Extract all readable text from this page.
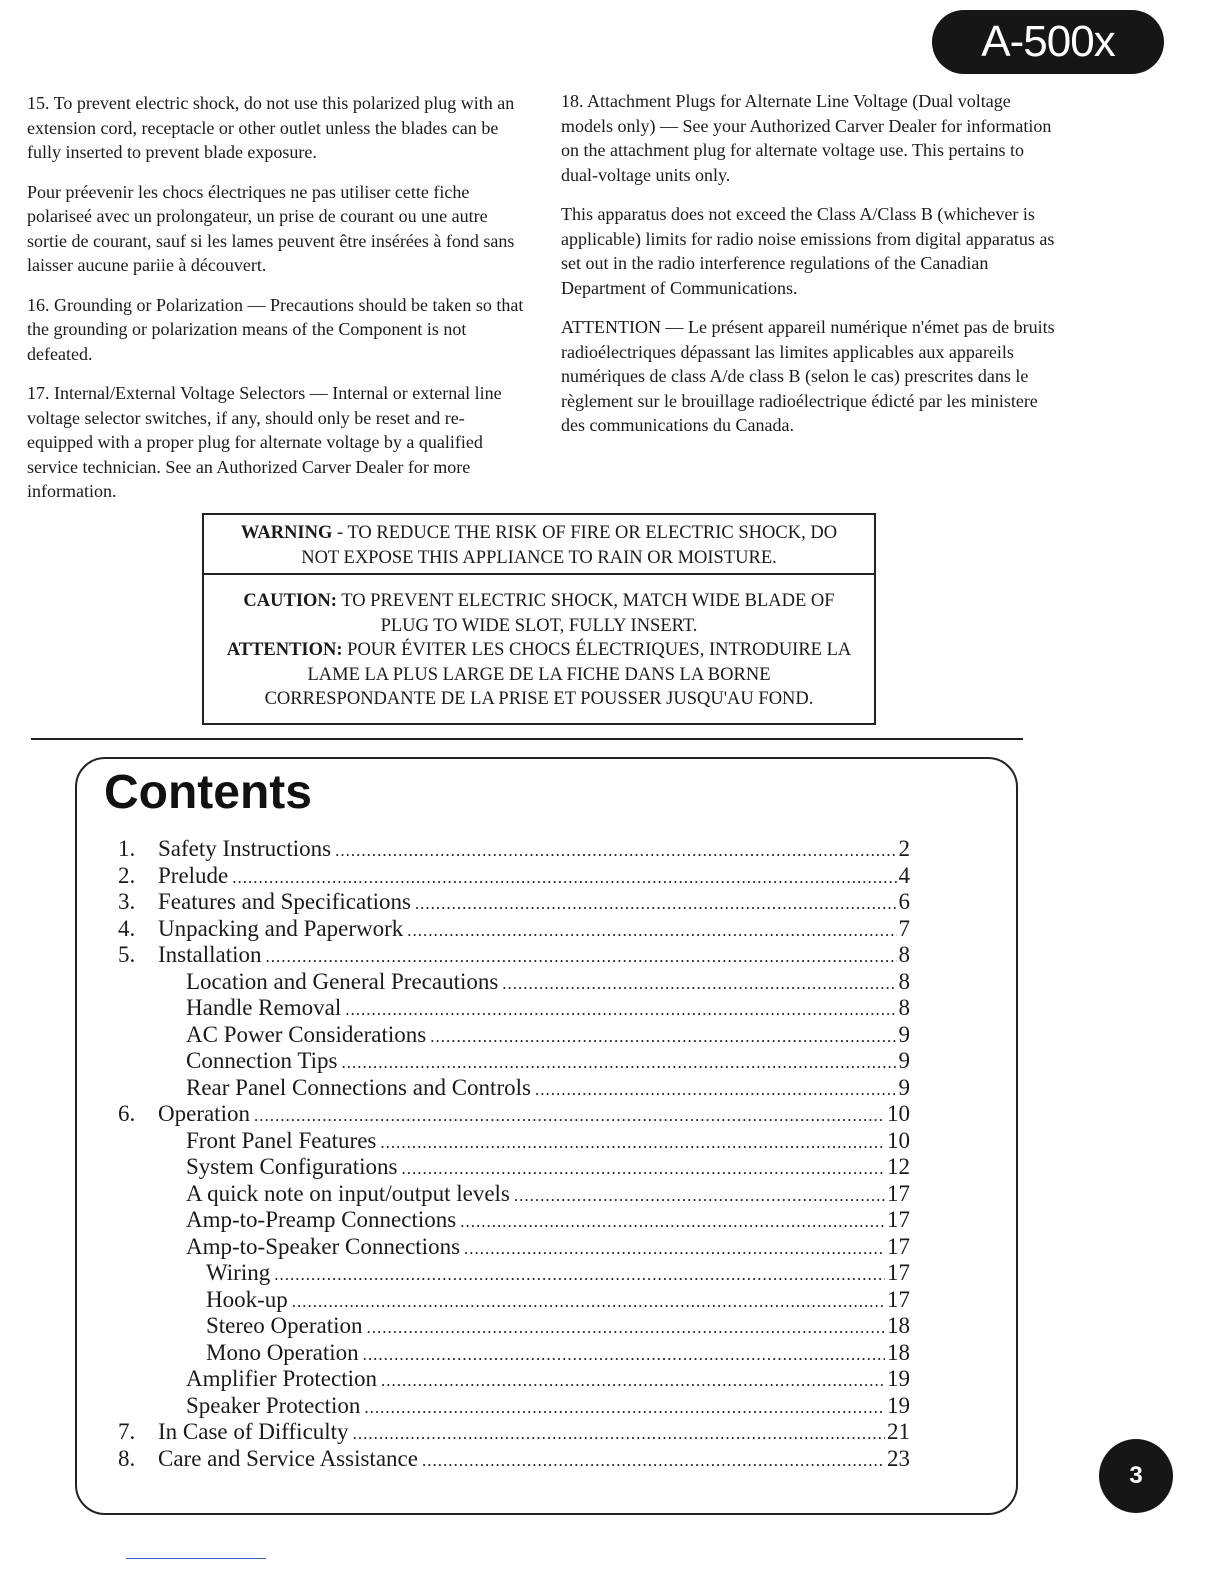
A-500x

15. To prevent electric shock, do not use this polarized plug with an extension cord, receptacle or other outlet unless the blades can be fully inserted to prevent blade exposure.

Pour préevenir les chocs électriques ne pas utiliser cette fiche polariseé avec un prolongateur, un prise de courant ou une autre sortie de courant, sauf si les lames peuvent être insérées à fond sans laisser aucune pariie à découvert.

16. Grounding or Polarization — Precautions should be taken so that the grounding or polarization means of the Component is not defeated.

17. Internal/External Voltage Selectors — Internal or external line voltage selector switches, if any, should only be reset and re-equipped with a proper plug for alternate voltage by a qualified service technician. See an Authorized Carver Dealer for more information.

18. Attachment Plugs for Alternate Line Voltage (Dual voltage models only) — See your Authorized Carver Dealer for information on the attachment plug for alternate voltage use. This pertains to dual-voltage units only.

This apparatus does not exceed the Class A/Class B (whichever is applicable) limits for radio noise emissions from digital apparatus as set out in the radio interference regulations of the Canadian Department of Communications.

ATTENTION — Le présent appareil numérique n'émet pas de bruits radioélectriques dépassant las limites applicables aux appareils numériques de class A/de class B (selon le cas) prescrites dans le règlement sur le brouillage radioélectrique édicté par les ministere des communications du Canada.

WARNING - TO REDUCE THE RISK OF FIRE OR ELECTRIC SHOCK, DO NOT EXPOSE THIS APPLIANCE TO RAIN OR MOISTURE.
CAUTION: TO PREVENT ELECTRIC SHOCK, MATCH WIDE BLADE OF PLUG TO WIDE SLOT, FULLY INSERT.
ATTENTION: POUR ÉVITER LES CHOCS ÉLECTRIQUES, INTRODUIRE LA LAME LA PLUS LARGE DE LA FICHE DANS LA BORNE CORRESPONDANTE DE LA PRISE ET POUSSER JUSQU'AU FOND.
Contents
1. Safety Instructions .....	2
2. Prelude .....	4
3. Features and Specifications .....	6
4. Unpacking and Paperwork .....	7
5. Installation .....	8
Location and General Precautions .....	8
Handle Removal .....	8
AC Power Considerations .....	9
Connection Tips .....	9
Rear Panel Connections and Controls .....	9
6. Operation .....	10
Front Panel Features .....	10
System Configurations .....	12
A quick note on input/output levels .....	17
Amp-to-Preamp Connections .....	17
Amp-to-Speaker Connections .....	17
Wiring .....	17
Hook-up .....	17
Stereo Operation .....	18
Mono Operation .....	18
Amplifier Protection .....	19
Speaker Protection .....	19
7. In Case of Difficulty .....	21
8. Care and Service Assistance .....	23
3
